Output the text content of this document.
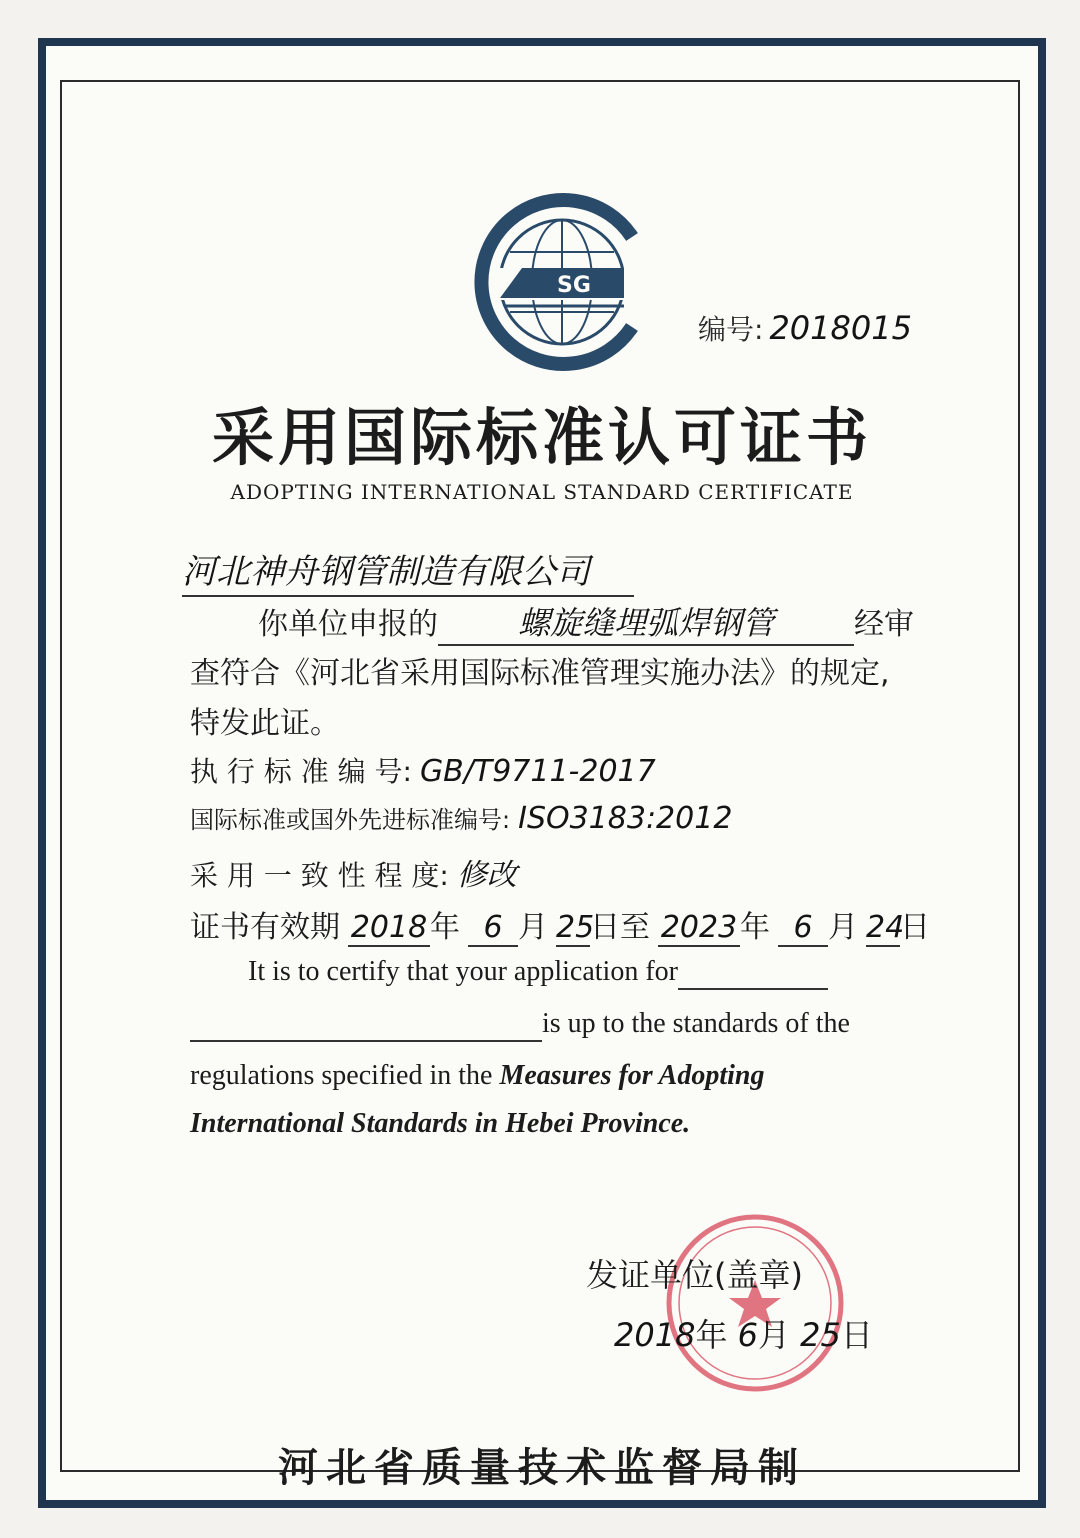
SG
编号: 2018015
采用国际标准认可证书
ADOPTING INTERNATIONAL STANDARD CERTIFICATE
河北神舟钢管制造有限公司
你单位申报的 螺旋缝埋弧焊钢管	经审
查符合《河北省采用国际标准管理实施办法》的规定,
特发此证。
执 行 标 准 编 号: GB/T9711-2017
国际标准或国外先进标准编号: ISO3183:2012
采 用 一 致 性 程 度: 修改
证书有效期 2018年 6 月 25日至 2023年 6 月 24日
It is to certify that your application for
is up to the standards of the
regulations specified in the Measures for Adopting
International Standards in Hebei Province.
发证单位(盖章)
2018年 6月 25日
河北省质量技术监督局制
